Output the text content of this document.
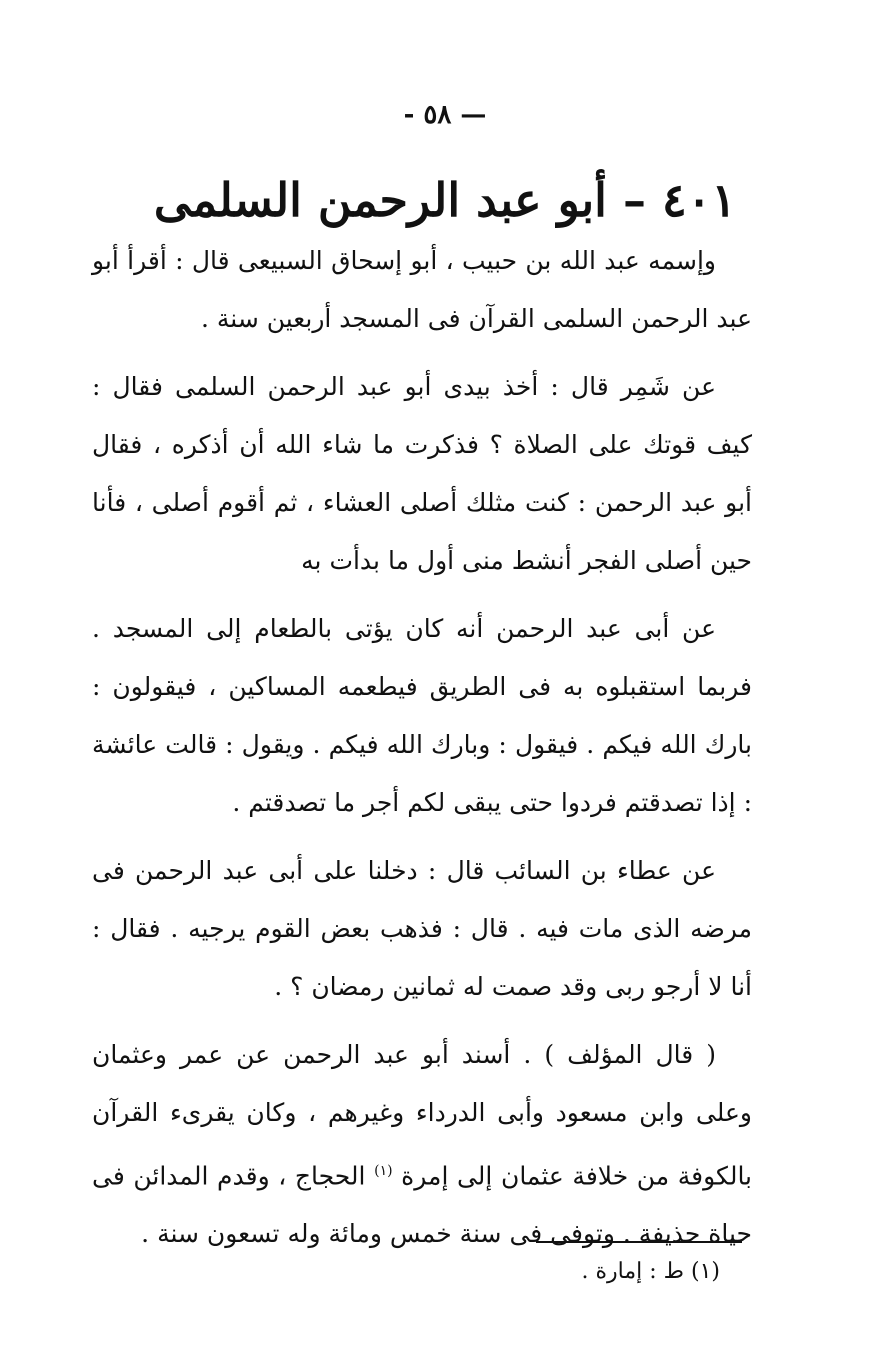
— ٥٨ -
٤٠١ – أبو عبد الرحمن السلمى

وإسمه عبد الله بن حبيب ، أبو إسحاق السبيعى قال : أقرأ أبو عبد الرحمن السلمى القرآن فى المسجد أربعين سنة .

عن شَمِر قال : أخذ بيدى أبو عبد الرحمن السلمى فقال : كيف قوتك على الصلاة ؟ فذكرت ما شاء الله أن أذكره ، فقال أبو عبد الرحمن : كنت مثلك أصلى العشاء ، ثم أقوم أصلى ، فأنا حين أصلى الفجر أنشط منى أول ما بدأت به

عن أبى عبد الرحمن أنه كان يؤتى بالطعام إلى المسجد . فربما استقبلوه به فى الطريق فيطعمه المساكين ، فيقولون : بارك الله فيكم . فيقول : وبارك الله فيكم . ويقول : قالت عائشة : إذا تصدقتم فردوا حتى يبقى لكم أجر ما تصدقتم .

عن عطاء بن السائب قال : دخلنا على أبى عبد الرحمن فى مرضه الذى مات فيه . قال : فذهب بعض القوم يرجيه . فقال : أنا لا أرجو ربى وقد صمت له ثمانين رمضان ؟ .

( قال المؤلف ) . أسند أبو عبد الرحمن عن عمر وعثمان وعلى وابن مسعود وأبى الدرداء وغيرهم ، وكان يقرىء القرآن بالكوفة من خلافة عثمان إلى إمرة $^{(١)}$ الحجاج ، وقدم المدائن فى حياة حذيفة . وتوفى فى سنة خمس ومائة وله تسعون سنة .

(١) ط : إمارة .
